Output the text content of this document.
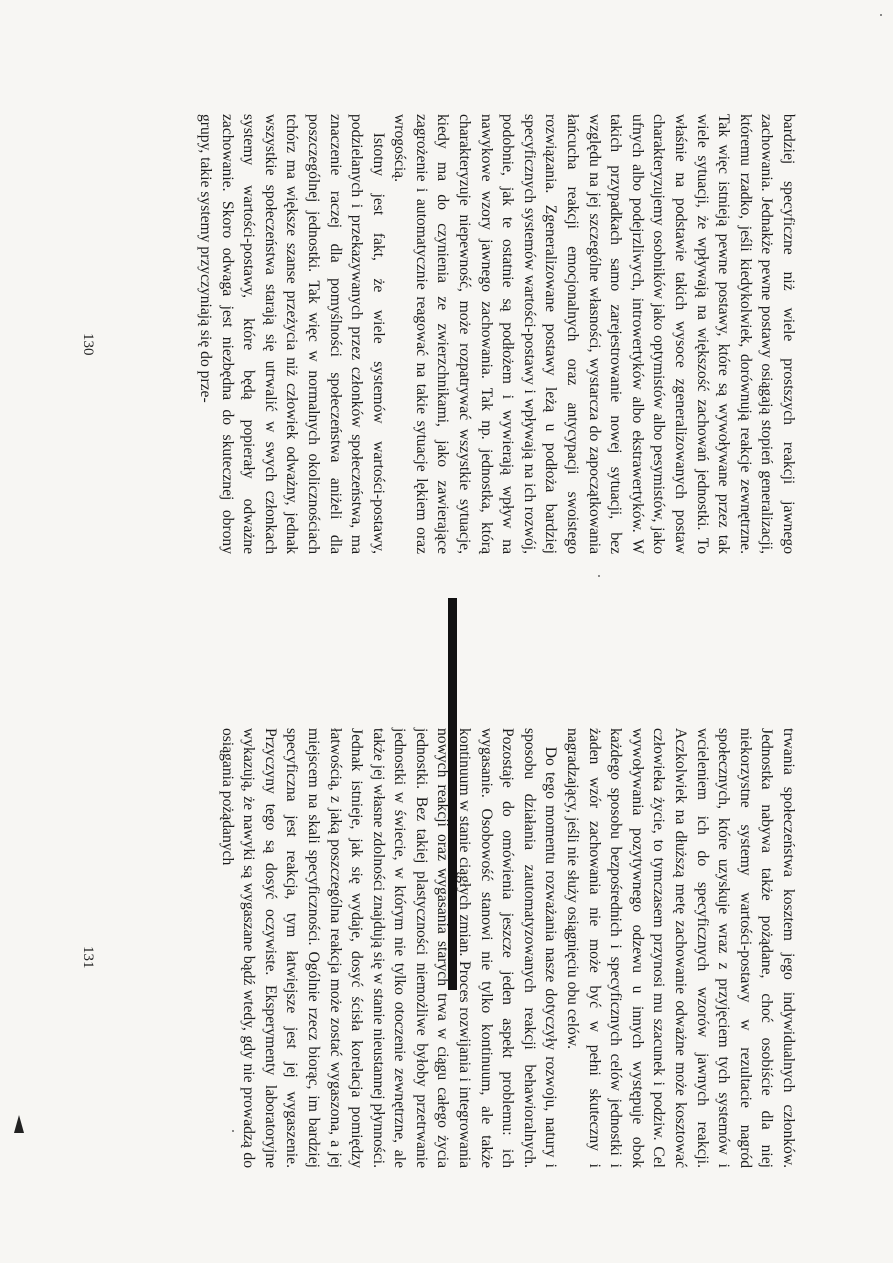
bardziej specyficzne niż wiele prostszych reakcji jawnego zachowania. Jednakże pewne postawy osiągają stopień generalizacji, któremu rzadko, jeśli kiedykolwiek, dorównują reakcje zewnętrzne. Tak więc istnieją pewne postawy, które są wywoływane przez tak wiele sytuacji, że wpływają na większość zachowań jednostki. To właśnie na podstawie takich wysoce zgeneralizowanych postaw charakteryzujemy osobników jako optymistów albo pesymistów, jako ufnych albo podejrzliwych, introwertyków albo ekstrawertyków. W takich przypadkach samo zarejestrowanie nowej sytuacji, bez względu na jej szczególne własności, wystarcza do zapoczątkowania łańcucha reakcji emocjonalnych oraz antycypacji swoistego rozwiązania. Zgeneralizowane postawy leżą u podłoża bardziej specyficznych systemów wartości-postawy i wpływają na ich rozwój, podobnie, jak te ostatnie są podłożem i wywierają wpływ na nawykowe wzory jawnego zachowania. Tak np. jednostka, którą charakteryzuje niepewność, może rozpatrywać wszystkie sytuacje, kiedy ma do czynienia ze zwierzchnikami, jako zawierające zagrożenie i automatycznie reagować na takie sytuacje lękiem oraz wrogością.

Istotny jest fakt, że wiele systemów wartości-postawy, podzielanych i przekazywanych przez członków społeczeństwa, ma znaczenie raczej dla pomyślności społeczeństwa aniżeli dla poszczególnej jednostki. Tak więc w normalnych okolicznościach tchórz ma większe szanse przeżycia niż człowiek odważny, jednak wszystkie społeczeństwa starają się utrwalić w swych członkach systemy wartości-postawy, które będą popierały odważne zachowanie. Skoro odwaga jest niezbędna do skutecznej obrony grupy, takie systemy przyczyniają się do prze-

130

trwania społeczeństwa kosztem jego indywidualnych członków. Jednostka nabywa także pożądane, choć osobiście dla niej niekorzystne systemy wartości-postawy w rezultacie nagród społecznych, które uzyskuje wraz z przyjęciem tych systemów i wcieleniem ich do specyficznych wzorów jawnych reakcji. Aczkolwiek na dłuższą metę zachowanie odważne może kosztować człowieka życie, to tymczasem przynosi mu szacunek i podziw. Cel wywoływania pozytywnego odzewu u innych występuje obok każdego sposobu bezpośrednich i specyficznych celów jednostki i żaden wzór zachowania nie może być w pełni skuteczny i nagradzający, jeśli nie służy osiągnięciu obu celów.

Do tego momentu rozważania nasze dotyczyły rozwoju, natury i sposobu działania zautomatyzowanych reakcji behawioralnych. Pozostaje do omówienia jeszcze jeden aspekt problemu: ich wygasanie. Osobowość stanowi nie tylko kontinuum, ale także kontinuum w stanie ciągłych zmian. Proces rozwijania i integrowania nowych reakcji oraz wygasania starych trwa w ciągu całego życia jednostki. Bez takiej plastyczności niemożliwe byłoby przetrwanie jednostki w świecie, w którym nie tylko otoczenie zewnętrzne, ale także jej własne zdolności znajdują się w stanie nieustannej płynności. Jednak istnieje, jak się wydaje, dosyć ścisła korelacja pomiędzy łatwością, z jaką poszczególna reakcja może zostać wygaszona, a jej miejscem na skali specyficzności. Ogólnie rzecz biorąc, im bardziej specyficzna jest reakcja, tym łatwiejsze jest jej wygaszenie. Przyczyny tego są dosyć oczywiste. Eksperymenty laboratoryjne wykazują, że nawyki są wygaszane bądź wtedy, gdy nie prowadzą do osiągania pożądanych

131
